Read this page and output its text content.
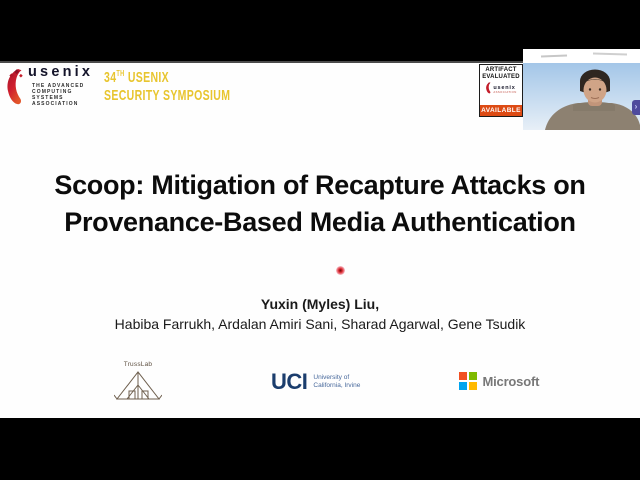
usenix
THE ADVANCED
COMPUTING SYSTEMS
ASSOCIATION
34TH USENIX
SECURITY SYMPOSIUM
ARTIFACT
EVALUATED
usenix
ASSOCIATION
AVAILABLE	›
Scoop: Mitigation of Recapture Attacks on
Provenance-Based Media Authentication
Yuxin (Myles) Liu,
Habiba Farrukh, Ardalan Amiri Sani, Sharad Agarwal, Gene Tsudik
TrussLab
UCI University of
California, Irvine	Microsoft
